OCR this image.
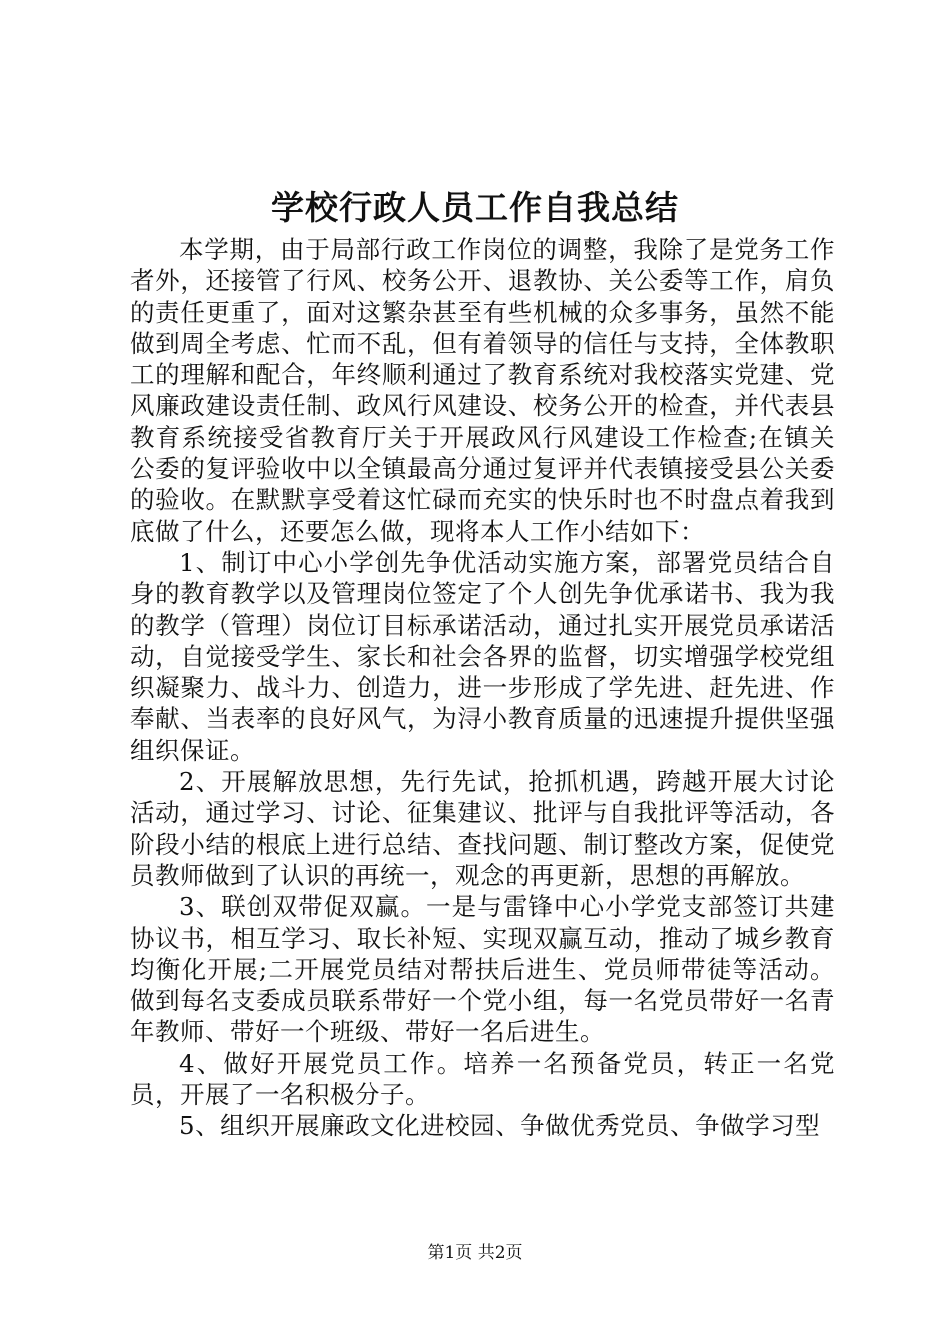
学校行政人员工作自我总结

本学期，由于局部行政工作岗位的调整，我除了是党务工作者外，还接管了行风、校务公开、退教协、关公委等工作，肩负的责任更重了，面对这繁杂甚至有些机械的众多事务，虽然不能做到周全考虑、忙而不乱，但有着领导的信任与支持，全体教职工的理解和配合，年终顺利通过了教育系统对我校落实党建、党风廉政建设责任制、政风行风建设、校务公开的检查，并代表县教育系统接受省教育厅关于开展政风行风建设工作检查;在镇关公委的复评验收中以全镇最高分通过复评并代表镇接受县公关委的验收。在默默享受着这忙碌而充实的快乐时也不时盘点着我到底做了什么，还要怎么做，现将本人工作小结如下：

1、制订中心小学创先争优活动实施方案，部署党员结合自身的教育教学以及管理岗位签定了个人创先争优承诺书、我为我的教学（管理）岗位订目标承诺活动，通过扎实开展党员承诺活动，自觉接受学生、家长和社会各界的监督，切实增强学校党组织凝聚力、战斗力、创造力，进一步形成了学先进、赶先进、作奉献、当表率的良好风气，为浔小教育质量的迅速提升提供坚强组织保证。

2、开展解放思想，先行先试，抢抓机遇，跨越开展大讨论活动，通过学习、讨论、征集建议、批评与自我批评等活动，各阶段小结的根底上进行总结、查找问题、制订整改方案，促使党员教师做到了认识的再统一，观念的再更新，思想的再解放。

3、联创双带促双赢。一是与雷锋中心小学党支部签订共建协议书，相互学习、取长补短、实现双赢互动，推动了城乡教育均衡化开展;二开展党员结对帮扶后进生、党员师带徒等活动。做到每名支委成员联系带好一个党小组，每一名党员带好一名青年教师、带好一个班级、带好一名后进生。

4、做好开展党员工作。培养一名预备党员，转正一名党员，开展了一名积极分子。

5、组织开展廉政文化进校园、争做优秀党员、争做学习型

第1页 共2页
